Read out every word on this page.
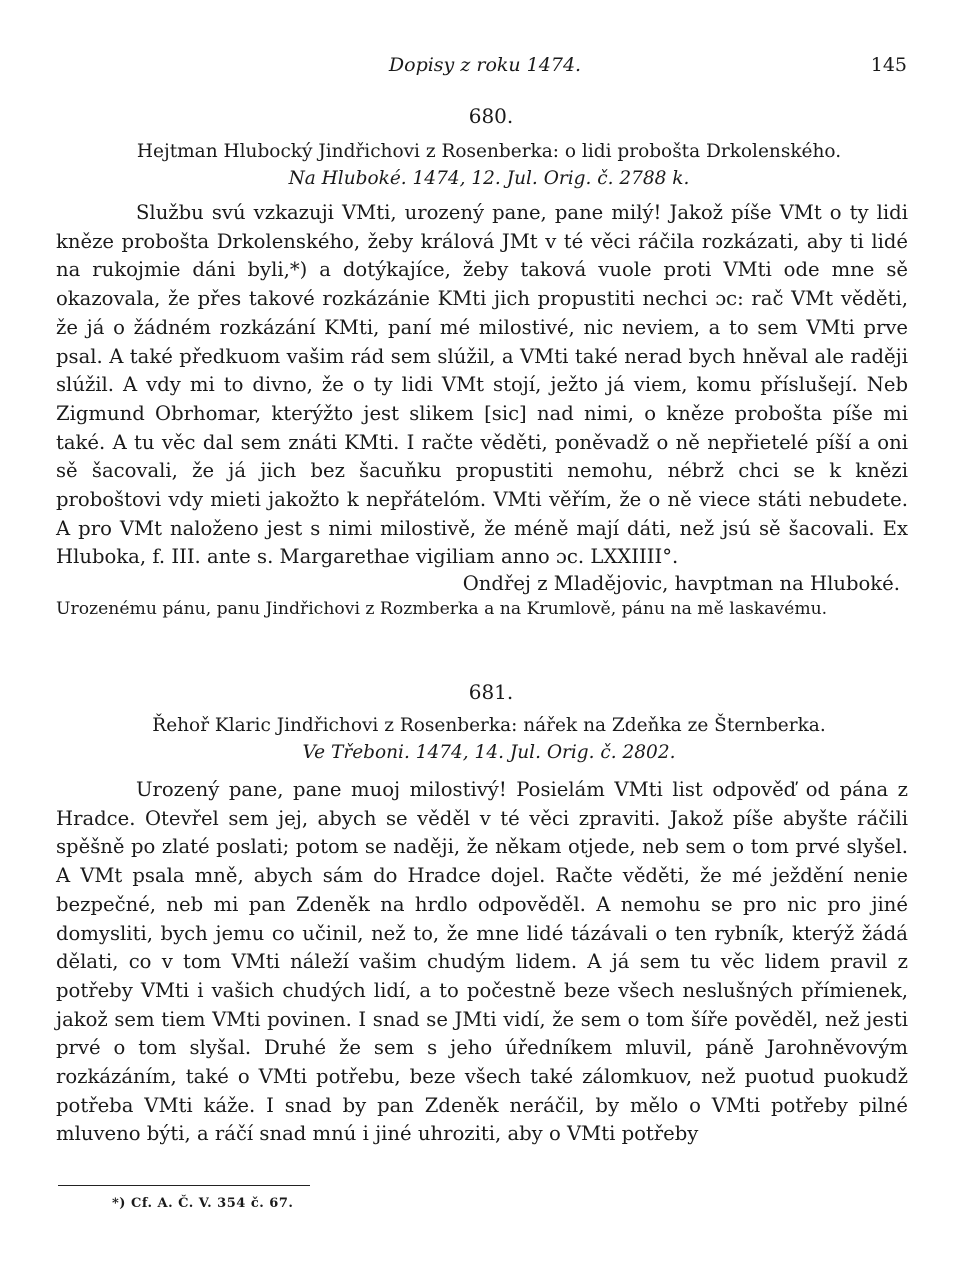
Dopisy z roku 1474.	145
680.
Hejtman Hlubocký Jindřichovi z Rosenberka: o lidi probošta Drkolenského.
Na Hluboké. 1474, 12. Jul. Orig. č. 2788 k.

Službu svú vzkazuji VMti, urozený pane, pane milý! Jakož píše VMt o ty lidi kněze probošta Drkolenského, žeby králová JMt v té věci ráčila rozkázati, aby ti lidé na rukojmie dáni byli,*) a dotýkajíce, žeby taková vuole proti VMti ode mne sě okazovala, že přes takové rozkázánie KMti jich propustiti nechci ɔc: rač VMt věděti, že já o žádném rozkázání KMti, paní mé milostivé, nic neviem, a to sem VMti prve psal. A také předkuom vašim rád sem slúžil, a VMti také nerad bych hněval ale raději slúžil. A vdy mi to divno, že o ty lidi VMt stojí, ježto já viem, komu příslušejí. Neb Zigmund Obrhomar, kterýžto jest slikem [sic] nad nimi, o kněze probošta píše mi také. A tu věc dal sem znáti KMti. I račte věděti, poněvadž o ně nepřietelé píší a oni sě šacovali, že já jich bez šacuňku propustiti nemohu, nébrž chci se k knězi proboštovi vdy mieti jakožto k nepřátelóm. VMti věřím, že o ně viece státi nebudete. A pro VMt naloženo jest s nimi milostivě, že méně mají dáti, než jsú sě šacovali. Ex Hluboka, f. III. ante s. Margarethae vigiliam anno ɔc. LXXIIII°.

Ondřej z Mladějovic, havptman na Hluboké.
Urozenému pánu, panu Jindřichovi z Rozmberka a na Krumlově, pánu na mě laskavému.
681.
Řehoř Klaric Jindřichovi z Rosenberka: nářek na Zdeňka ze Šternberka.
Ve Třeboni. 1474, 14. Jul. Orig. č. 2802.

Urozený pane, pane muoj milostivý! Posielám VMti list odpověď od pána z Hradce. Otevřel sem jej, abych se věděl v té věci zpraviti. Jakož píše abyšte ráčili spěšně po zlaté poslati; potom se naději, že někam otjede, neb sem o tom prvé slyšel. A VMt psala mně, abych sám do Hradce dojel. Račte věděti, že mé ježdění nenie bezpečné, neb mi pan Zdeněk na hrdlo odpověděl. A nemohu se pro nic pro jiné domysliti, bych jemu co učinil, než to, že mne lidé tázávali o ten rybník, kterýž žádá dělati, co v tom VMti náleží vašim chudým lidem. A já sem tu věc lidem pravil z potřeby VMti i vašich chudých lidí, a to počestně beze všech neslušných přímienek, jakož sem tiem VMti povinen. I snad se JMti vidí, že sem o tom šíře pověděl, než jesti prvé o tom slyšal. Druhé že sem s jeho úředníkem mluvil, páně Jarohněvovým rozkázáním, také o VMti potřebu, beze všech také zálomkuov, než puotud puokudž potřeba VMti káže. I snad by pan Zdeněk neráčil, by mělo o VMti potřeby pilné mluveno býti, a ráčí snad mnú i jiné uhroziti, aby o VMti potřeby

*) Cf. A. Č. V. 354 č. 67.
